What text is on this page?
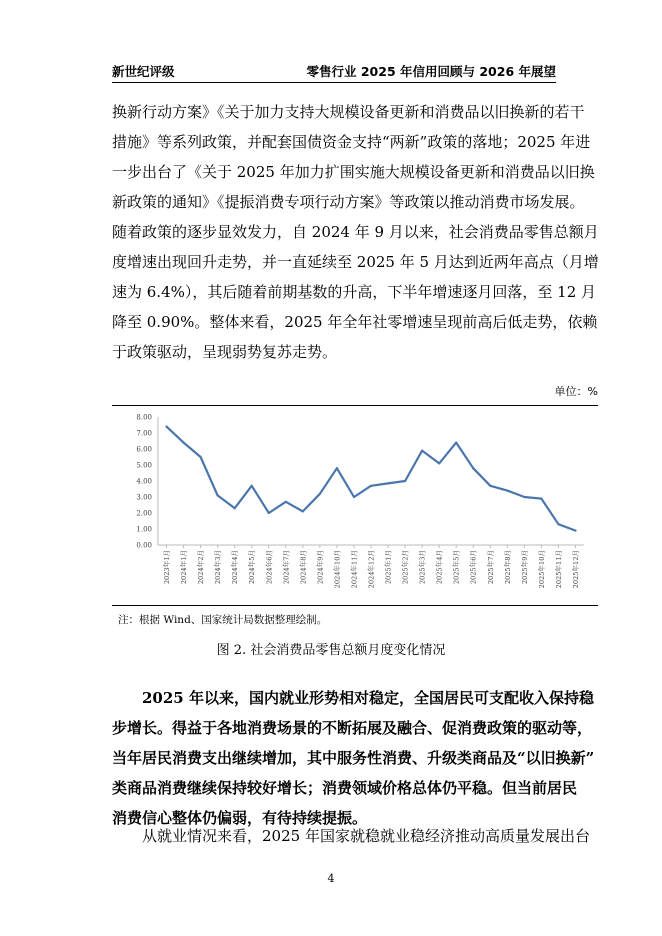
新世纪评级	零售行业 2025 年信用回顾与 2026 年展望
换新行动方案》《关于加力支持大规模设备更新和消费品以旧换新的若干
措施》等系列政策，并配套国债资金支持“两新”政策的落地；2025 年进
一步出台了《关于 2025 年加力扩围实施大规模设备更新和消费品以旧换
新政策的通知》《提振消费专项行动方案》等政策以推动消费市场发展。
随着政策的逐步显效发力，自 2024 年 9 月以来，社会消费品零售总额月
度增速出现回升走势，并一直延续至 2025 年 5 月达到近两年高点（月增
速为 6.4%），其后随着前期基数的升高，下半年增速逐月回落，至 12 月
降至 0.90%。整体来看，2025 年全年社零增速呈现前高后低走势，依赖
于政策驱动，呈现弱势复苏走势。
单位：%
0.00
1.00
2.00
3.00
4.00
5.00
6.00
7.00
8.00
2023年1月 2024年1月 2024年2月 2024年3月 2024年4月 2024年5月 2024年6月 2024年7月 2024年8月 2024年9月 2024年10月 2024年11月 2024年12月 2025年1月 2025年2月 2025年3月 2025年4月 2025年5月 2025年6月 2025年7月 2025年8月 2025年9月 2025年10月 2025年11月 2025年12月
注：根据 Wind、国家统计局数据整理绘制。
图 2. 社会消费品零售总额月度变化情况
2025 年以来，国内就业形势相对稳定，全国居民可支配收入保持稳
步增长。得益于各地消费场景的不断拓展及融合、促消费政策的驱动等，
当年居民消费支出继续增加，其中服务性消费、升级类商品及“以旧换新”
类商品消费继续保持较好增长；消费领域价格总体仍平稳。但当前居民
消费信心整体仍偏弱，有待持续提振。
从就业情况来看，2025 年国家就稳就业稳经济推动高质量发展出台
4
